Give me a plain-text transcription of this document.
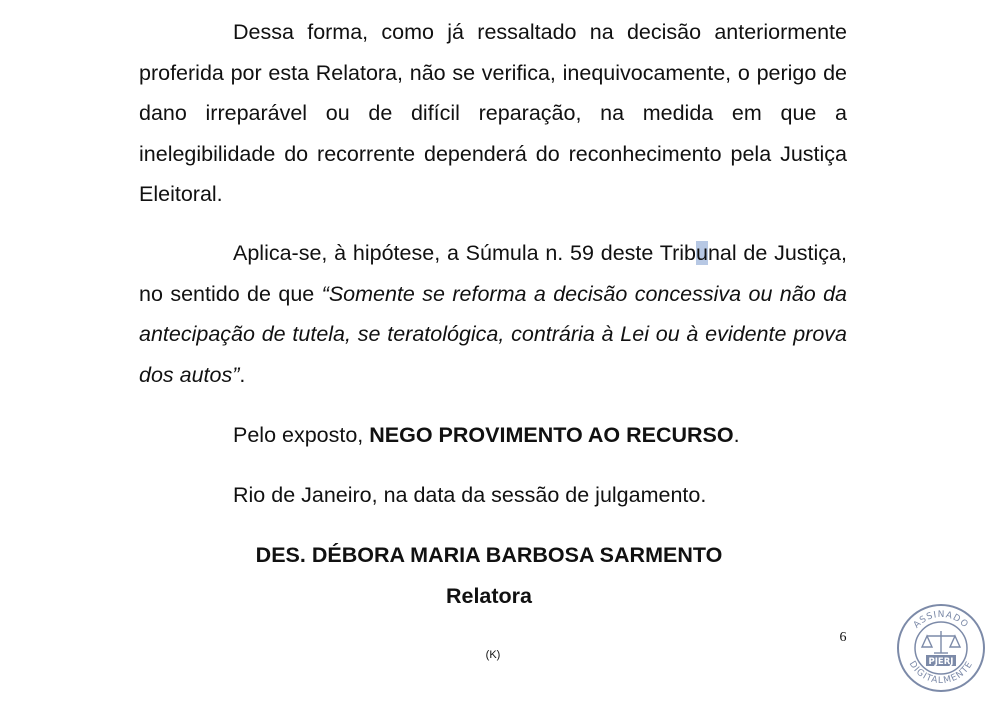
Dessa forma, como já ressaltado na decisão anteriormente proferida por esta Relatora, não se verifica, inequivocamente, o perigo de dano irreparável ou de difícil reparação, na medida em que a inelegibilidade do recorrente dependerá do reconhecimento pela Justiça Eleitoral.

Aplica-se, à hipótese, a Súmula n. 59 deste Tribunal de Justiça, no sentido de que “Somente se reforma a decisão concessiva ou não da antecipação de tutela, se teratológica, contrária à Lei ou à evidente prova dos autos”.

Pelo exposto, NEGO PROVIMENTO AO RECURSO.
Rio de Janeiro, na data da sessão de julgamento.
DES. DÉBORA MARIA BARBOSA SARMENTO
Relatora
6
(K)
ASSINADO
DIGITALMENTE
PJERJ
